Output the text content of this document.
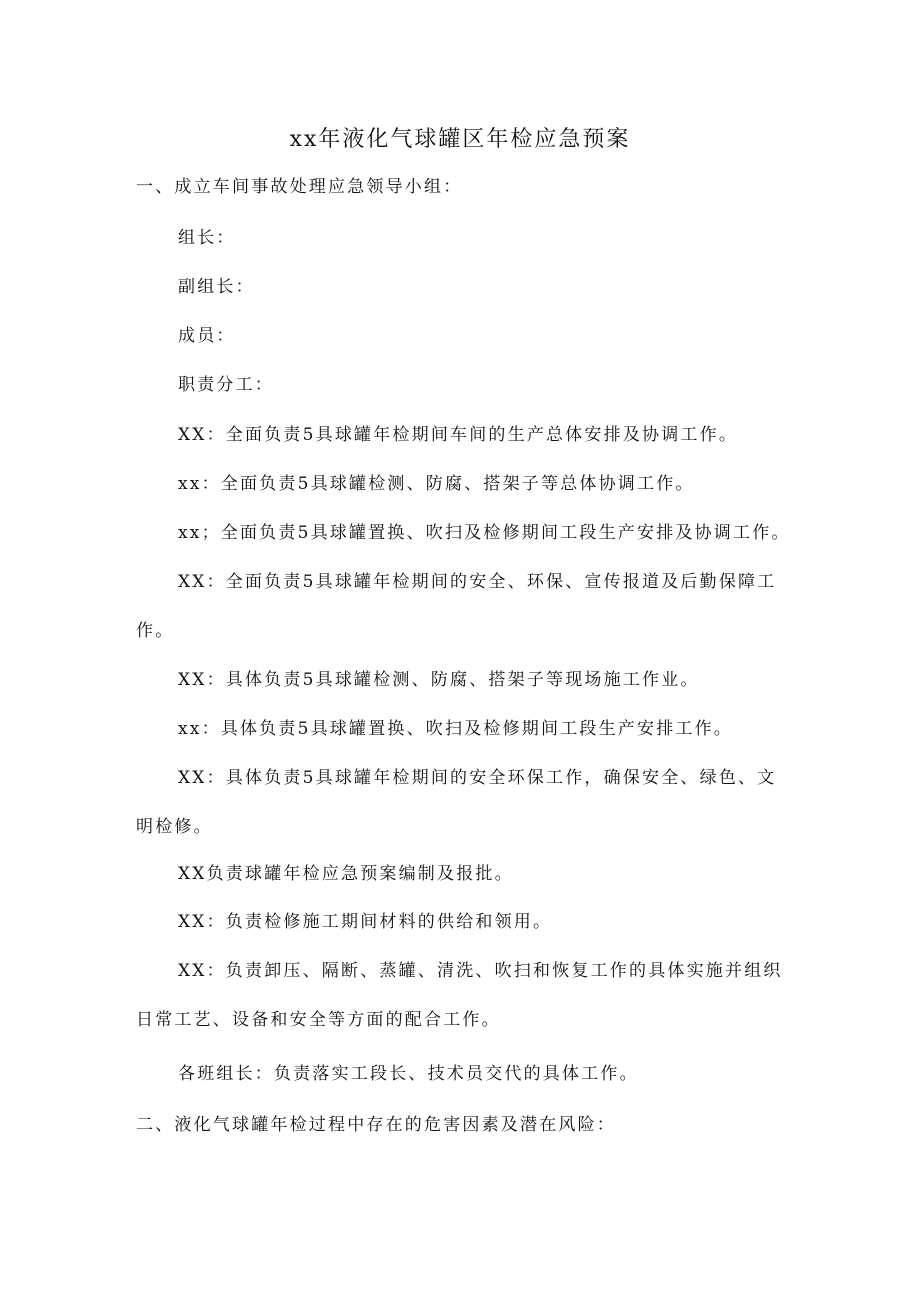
xx年液化气球罐区年检应急预案
一、成立车间事故处理应急领导小组：
组长：
副组长：
成员：
职责分工：
XX：全面负责5具球罐年检期间车间的生产总体安排及协调工作。
xx：全面负责5具球罐检测、防腐、搭架子等总体协调工作。
xx；全面负责5具球罐置换、吹扫及检修期间工段生产安排及协调工作。
XX：全面负责5具球罐年检期间的安全、环保、宣传报道及后勤保障工
作。
XX：具体负责5具球罐检测、防腐、搭架子等现场施工作业。
xx：具体负责5具球罐置换、吹扫及检修期间工段生产安排工作。
XX：具体负责5具球罐年检期间的安全环保工作，确保安全、绿色、文
明检修。
XX负责球罐年检应急预案编制及报批。
XX：负责检修施工期间材料的供给和领用。
XX：负责卸压、隔断、蒸罐、清洗、吹扫和恢复工作的具体实施并组织
日常工艺、设备和安全等方面的配合工作。
各班组长：负责落实工段长、技术员交代的具体工作。
二、液化气球罐年检过程中存在的危害因素及潜在风险：
